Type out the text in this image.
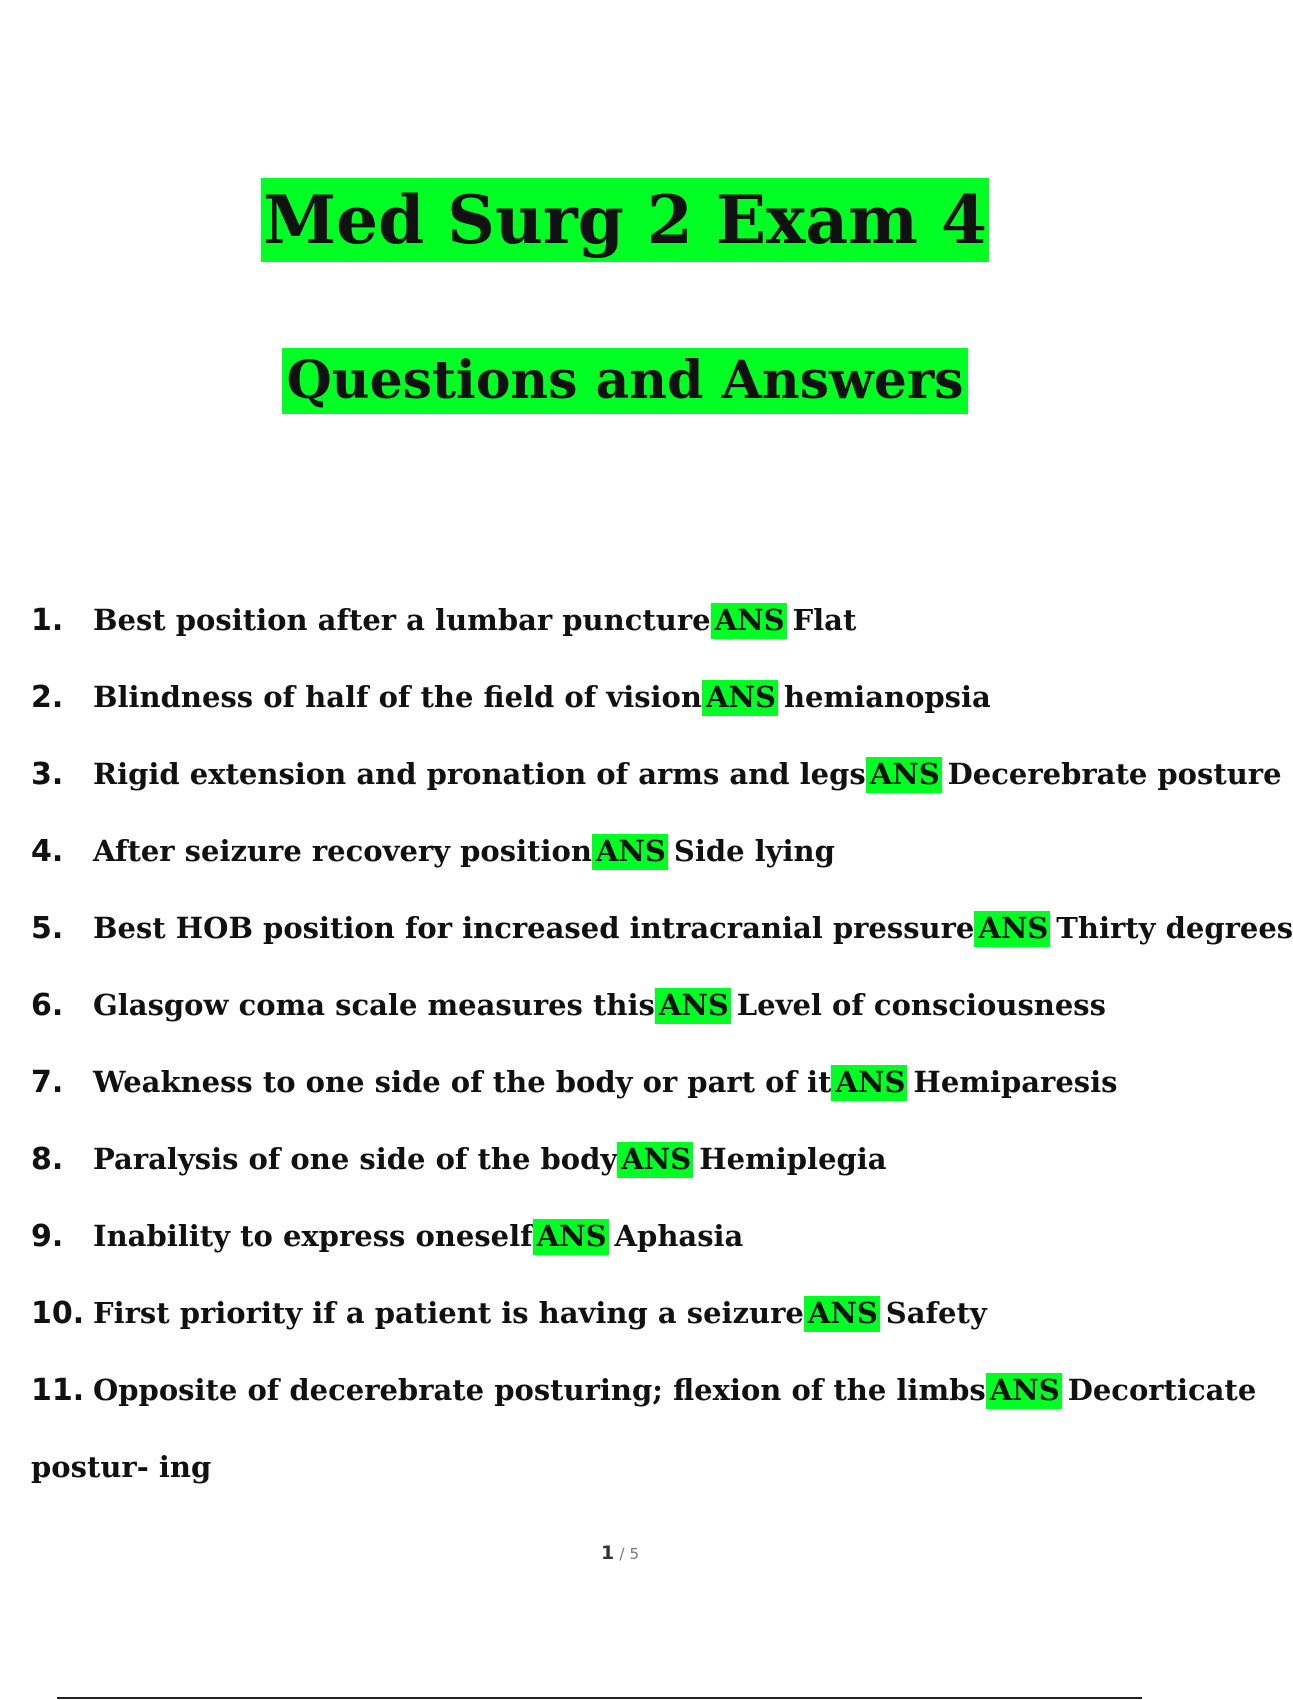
Med Surg 2 Exam 4
Questions and Answers
1.	Best position after a lumbar puncture ANS Flat
2.	Blindness of half of the field of vision ANS hemianopsia
3.	Rigid extension and pronation of arms and legs ANS Decerebrate posture
4.	After seizure recovery position ANS Side lying
5.	Best HOB position for increased intracranial pressure ANS Thirty degrees
6.	Glasgow coma scale measures this ANS Level of consciousness
7.	Weakness to one side of the body or part of it ANS Hemiparesis
8.	Paralysis of one side of the body ANS Hemiplegia
9.	Inability to express oneself ANS Aphasia
10. First priority if a patient is having a seizure ANS Safety
11. Opposite of decerebrate posturing; flexion of the limbs ANS Decorticate
postur- ing
1 / 5
